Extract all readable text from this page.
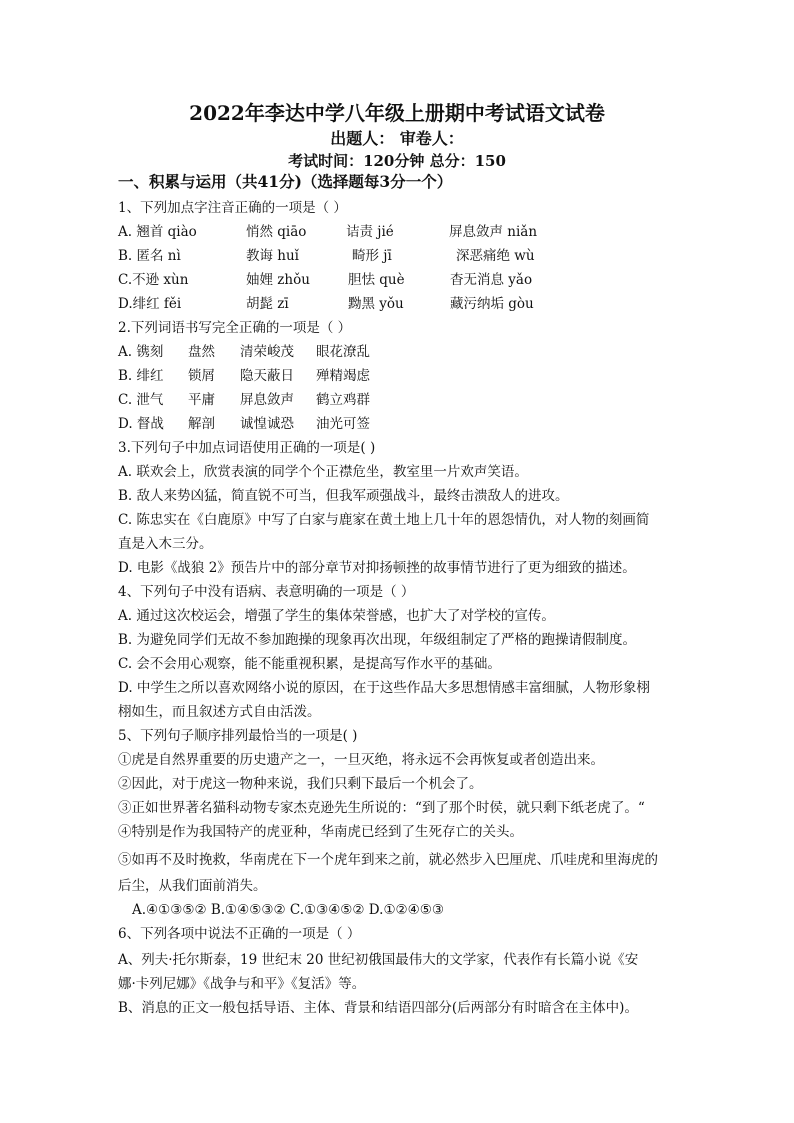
2022年李达中学八年级上册期中考试语文试卷
出题人： 审卷人：
考试时间：120分钟 总分：150
一、积累与运用（共41分)（选择题每3分一个）
1、下列加点字注音正确的一项是（ ）
A. 翘首 qiào	悄然 qiāo	诘责 jié	屏息敛声 niǎn
B. 匿名 nì	教诲 huǐ	畸形 jī	深恶痛绝 wù
C.不逊 xùn	妯娌 zhǒu	胆怯 què	杳无消息 yǎo
D.绯红 fěi	胡髭 zī	黝黑 yǒu	藏污纳垢 gòu
2.下列词语书写完全正确的一项是（ ）
A. 镌刻 盘然 清荣峻茂 眼花潦乱
B. 绯红 锁屑 隐天蔽日 殚精竭虑
C. 泄气 平庸 屏息敛声 鹤立鸡群
D. 督战 解剖 诚惶诚恐 油光可签
3.下列句子中加点词语使用正确的一项是( )
A. 联欢会上，欣赏表演的同学个个正襟危坐，教室里一片欢声笑语。
B. 敌人来势凶猛，简直锐不可当，但我军顽强战斗，最终击溃敌人的进攻。
C. 陈忠实在《白鹿原》中写了白家与鹿家在黄土地上几十年的恩怨情仇，对人物的刻画简
直是入木三分。
D. 电影《战狼 2》预告片中的部分章节对抑扬顿挫的故事情节进行了更为细致的描述。
4、下列句子中没有语病、表意明确的一项是（ ）
A. 通过这次校运会，增强了学生的集体荣誉感，也扩大了对学校的宣传。
B. 为避免同学们无故不参加跑操的现象再次出现，年级组制定了严格的跑操请假制度。
C. 会不会用心观察，能不能重视积累，是提高写作水平的基础。
D. 中学生之所以喜欢网络小说的原因，在于这些作品大多思想情感丰富细腻，人物形象栩
栩如生，而且叙述方式自由活泼。
5、下列句子顺序排列最恰当的一项是( )
①虎是自然界重要的历史遗产之一，一旦灭绝，将永远不会再恢复或者创造出来。
②因此，对于虎这一物种来说，我们只剩下最后一个机会了。
③正如世界著名猫科动物专家杰克逊先生所说的：“到了那个时侯，就只剩下纸老虎了。“
④特别是作为我国特产的虎亚种，华南虎已经到了生死存亡的关头。
⑤如再不及时挽救，华南虎在下一个虎年到来之前，就必然步入巴厘虎、爪哇虎和里海虎的
后尘，从我们面前消失。
A.④①③⑤② B.①④⑤③② C.①③④⑤② D.①②④⑤③
6、下列各项中说法不正确的一项是（ ）
A、列夫·托尔斯泰，19 世纪末 20 世纪初俄国最伟大的文学家，代表作有长篇小说《安
娜·卡列尼娜》《战争与和平》《复活》等。
B、消息的正文一般包括导语、主体、背景和结语四部分(后两部分有时暗含在主体中)。
